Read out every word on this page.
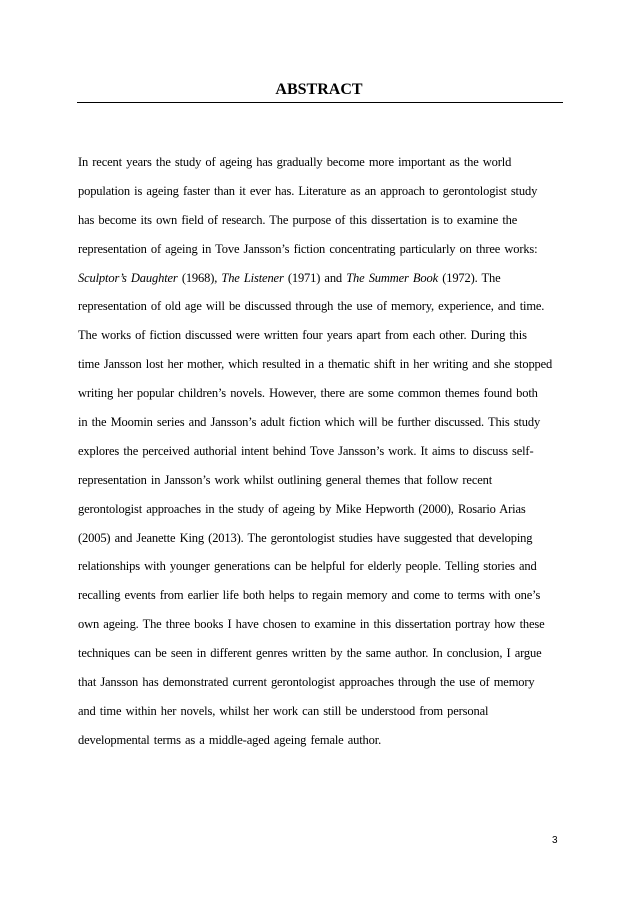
ABSTRACT
In recent years the study of ageing has gradually become more important as the world
population is ageing faster than it ever has. Literature as an approach to gerontologist study
has become its own field of research. The purpose of this dissertation is to examine the
representation of ageing in Tove Jansson’s fiction concentrating particularly on three works:
Sculptor’s Daughter (1968), The Listener (1971) and The Summer Book (1972). The
representation of old age will be discussed through the use of memory, experience, and time.
The works of fiction discussed were written four years apart from each other. During this
time Jansson lost her mother, which resulted in a thematic shift in her writing and she stopped
writing her popular children’s novels. However, there are some common themes found both
in the Moomin series and Jansson’s adult fiction which will be further discussed. This study
explores the perceived authorial intent behind Tove Jansson’s work. It aims to discuss self-
representation in Jansson’s work whilst outlining general themes that follow recent
gerontologist approaches in the study of ageing by Mike Hepworth (2000), Rosario Arias
(2005) and Jeanette King (2013). The gerontologist studies have suggested that developing
relationships with younger generations can be helpful for elderly people. Telling stories and
recalling events from earlier life both helps to regain memory and come to terms with one’s
own ageing. The three books I have chosen to examine in this dissertation portray how these
techniques can be seen in different genres written by the same author. In conclusion, I argue
that Jansson has demonstrated current gerontologist approaches through the use of memory
and time within her novels, whilst her work can still be understood from personal
developmental terms as a middle-aged ageing female author.
3
